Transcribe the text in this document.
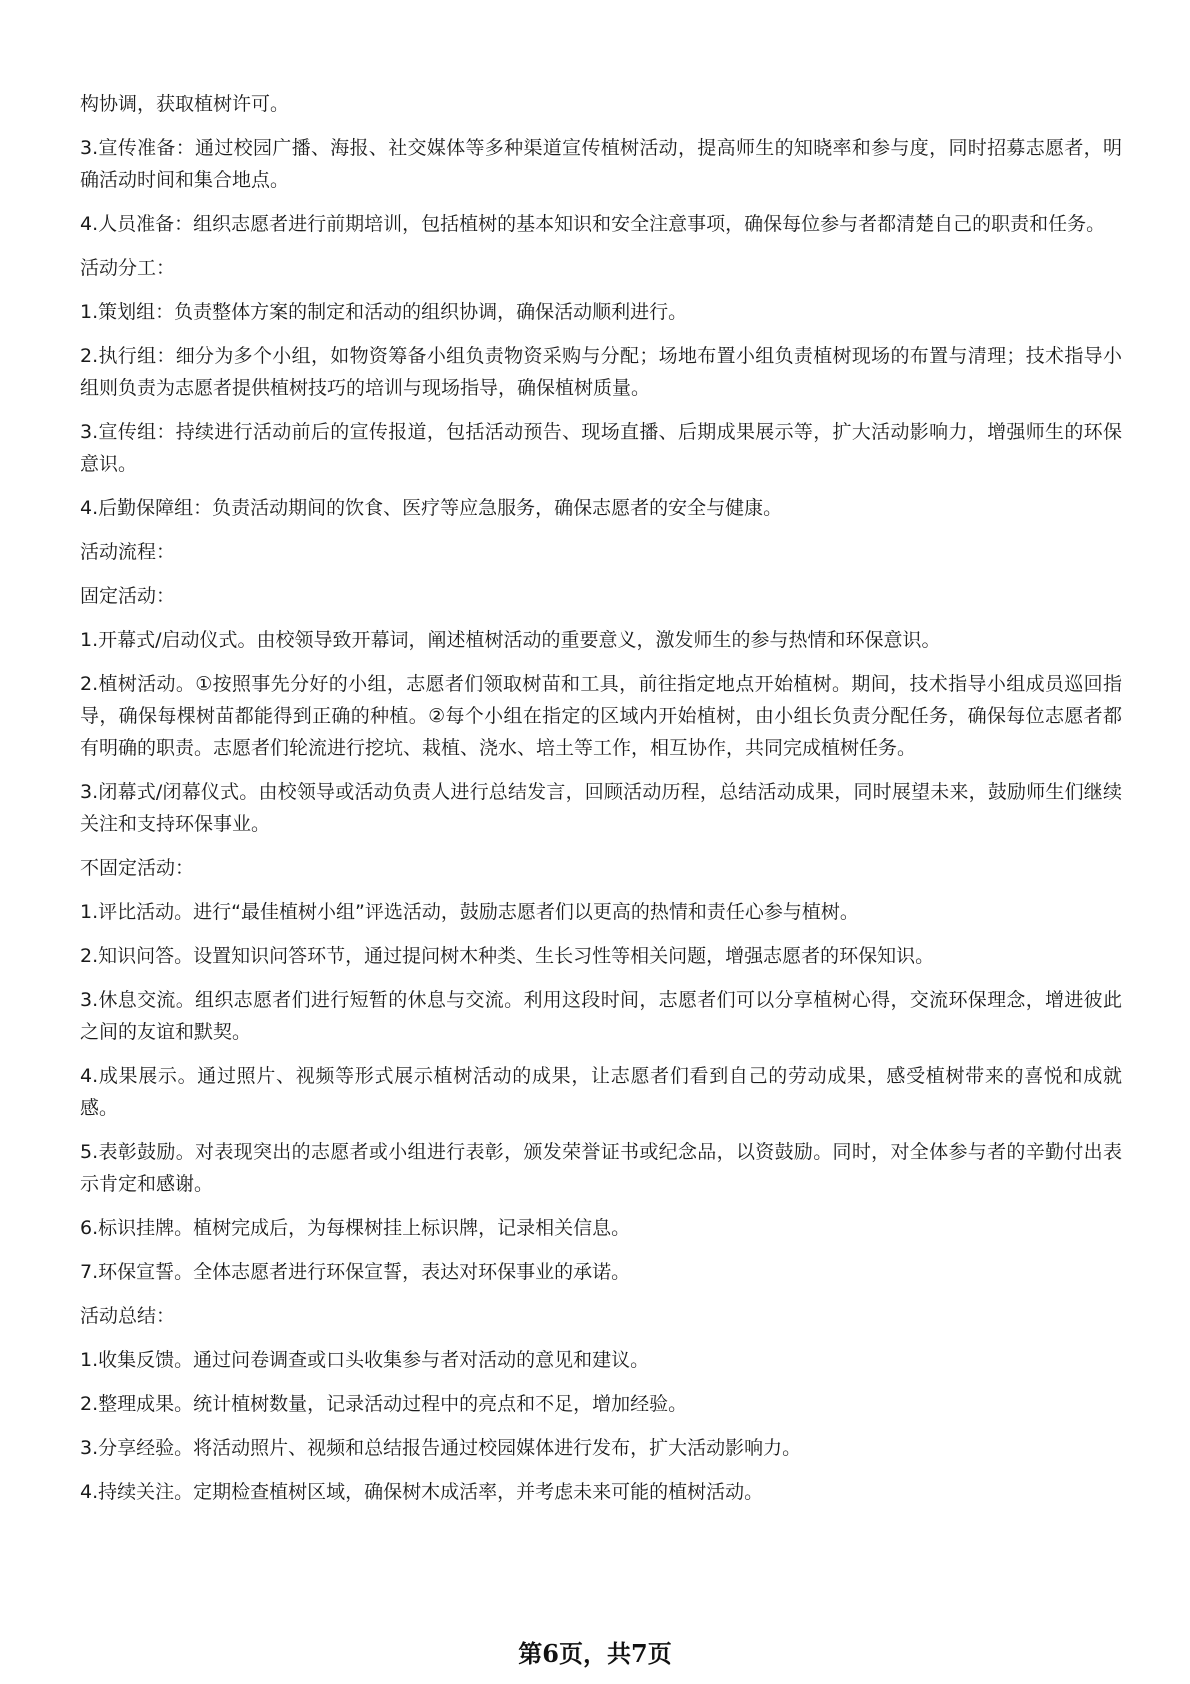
构协调，获取植树许可。

3.宣传准备：通过校园广播、海报、社交媒体等多种渠道宣传植树活动，提高师生的知晓率和参与度，同时招募志愿者，明确活动时间和集合地点。

4.人员准备：组织志愿者进行前期培训，包括植树的基本知识和安全注意事项，确保每位参与者都清楚自己的职责和任务。

活动分工：

1.策划组：负责整体方案的制定和活动的组织协调，确保活动顺利进行。

2.执行组：细分为多个小组，如物资筹备小组负责物资采购与分配；场地布置小组负责植树现场的布置与清理；技术指导小组则负责为志愿者提供植树技巧的培训与现场指导，确保植树质量。

3.宣传组：持续进行活动前后的宣传报道，包括活动预告、现场直播、后期成果展示等，扩大活动影响力，增强师生的环保意识。

4.后勤保障组：负责活动期间的饮食、医疗等应急服务，确保志愿者的安全与健康。

活动流程：

固定活动：

1.开幕式/启动仪式。由校领导致开幕词，阐述植树活动的重要意义，激发师生的参与热情和环保意识。

2.植树活动。①按照事先分好的小组，志愿者们领取树苗和工具，前往指定地点开始植树。期间，技术指导小组成员巡回指导，确保每棵树苗都能得到正确的种植。②每个小组在指定的区域内开始植树，由小组长负责分配任务，确保每位志愿者都有明确的职责。志愿者们轮流进行挖坑、栽植、浇水、培土等工作，相互协作，共同完成植树任务。

3.闭幕式/闭幕仪式。由校领导或活动负责人进行总结发言，回顾活动历程，总结活动成果，同时展望未来，鼓励师生们继续关注和支持环保事业。

不固定活动：

1.评比活动。进行“最佳植树小组”评选活动，鼓励志愿者们以更高的热情和责任心参与植树。

2.知识问答。设置知识问答环节，通过提问树木种类、生长习性等相关问题，增强志愿者的环保知识。

3.休息交流。组织志愿者们进行短暂的休息与交流。利用这段时间，志愿者们可以分享植树心得，交流环保理念，增进彼此之间的友谊和默契。

4.成果展示。通过照片、视频等形式展示植树活动的成果，让志愿者们看到自己的劳动成果，感受植树带来的喜悦和成就感。

5.表彰鼓励。对表现突出的志愿者或小组进行表彰，颁发荣誉证书或纪念品，以资鼓励。同时，对全体参与者的辛勤付出表示肯定和感谢。

6.标识挂牌。植树完成后，为每棵树挂上标识牌，记录相关信息。

7.环保宣誓。全体志愿者进行环保宣誓，表达对环保事业的承诺。

活动总结：

1.收集反馈。通过问卷调查或口头收集参与者对活动的意见和建议。

2.整理成果。统计植树数量，记录活动过程中的亮点和不足，增加经验。

3.分享经验。将活动照片、视频和总结报告通过校园媒体进行发布，扩大活动影响力。

4.持续关注。定期检查植树区域，确保树木成活率，并考虑未来可能的植树活动。

第6页，共7页
